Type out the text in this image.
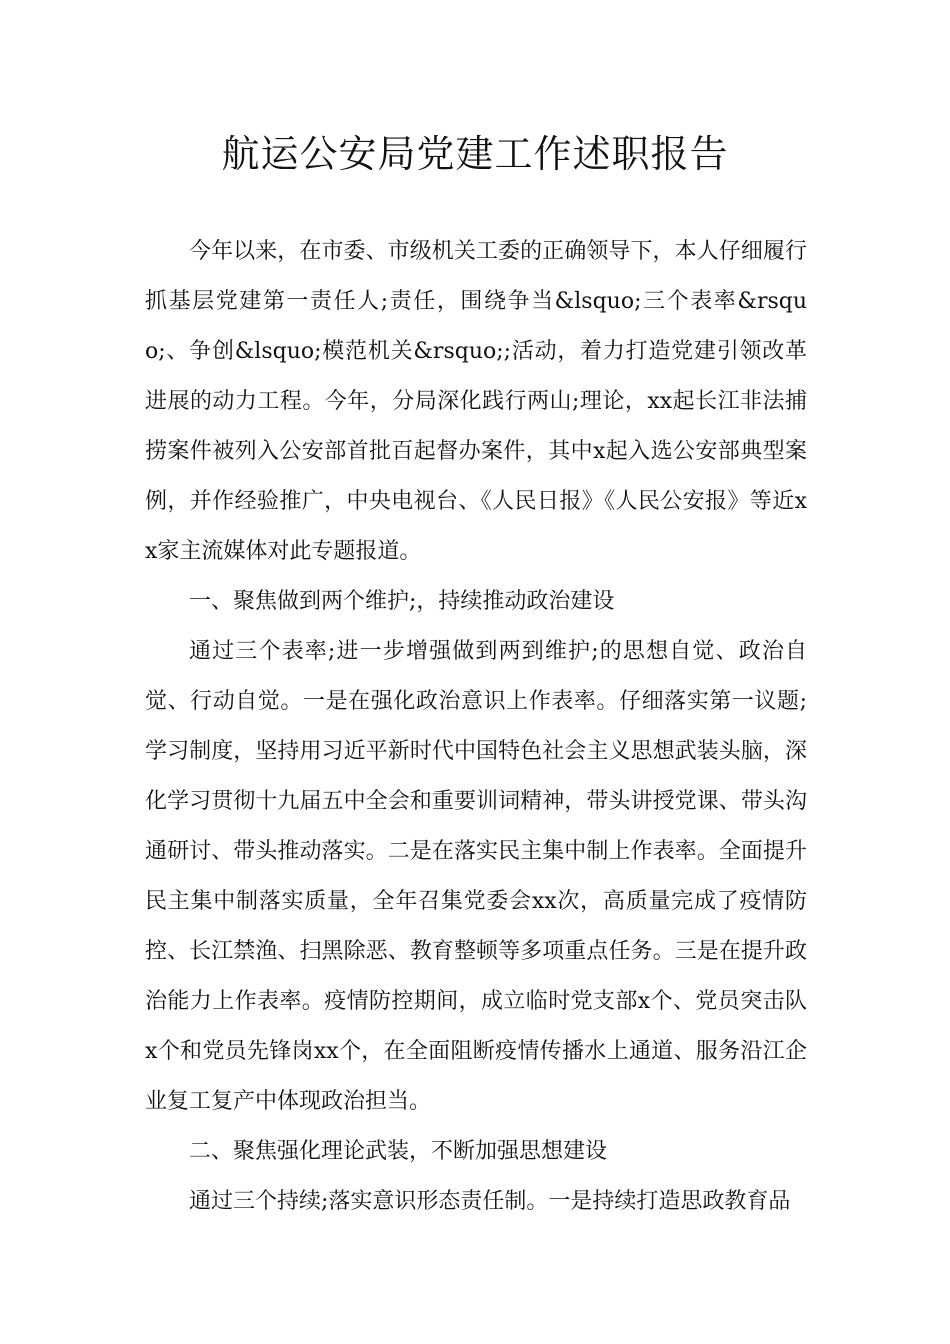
航运公安局党建工作述职报告

今年以来，在市委、市级机关工委的正确领导下，本人仔细履行抓基层党建第一责任人;责任，围绕争当&lsquo;三个表率&rsquo;、争创&lsquo;模范机关&rsquo;;活动，着力打造党建引领改革进展的动力工程。今年，分局深化践行两山;理论，xx起长江非法捕捞案件被列入公安部首批百起督办案件，其中x起入选公安部典型案例，并作经验推广，中央电视台、《人民日报》《人民公安报》等近xx家主流媒体对此专题报道。

一、聚焦做到两个维护;，持续推动政治建设

通过三个表率;进一步增强做到两到维护;的思想自觉、政治自觉、行动自觉。一是在强化政治意识上作表率。仔细落实第一议题;学习制度，坚持用习近平新时代中国特色社会主义思想武装头脑，深化学习贯彻十九届五中全会和重要训词精神，带头讲授党课、带头沟通研讨、带头推动落实。二是在落实民主集中制上作表率。全面提升民主集中制落实质量，全年召集党委会xx次，高质量完成了疫情防控、长江禁渔、扫黑除恶、教育整顿等多项重点任务。三是在提升政治能力上作表率。疫情防控期间，成立临时党支部x个、党员突击队x个和党员先锋岗xx个，在全面阻断疫情传播水上通道、服务沿江企业复工复产中体现政治担当。

二、聚焦强化理论武装，不断加强思想建设

通过三个持续;落实意识形态责任制。一是持续打造思政教育品
